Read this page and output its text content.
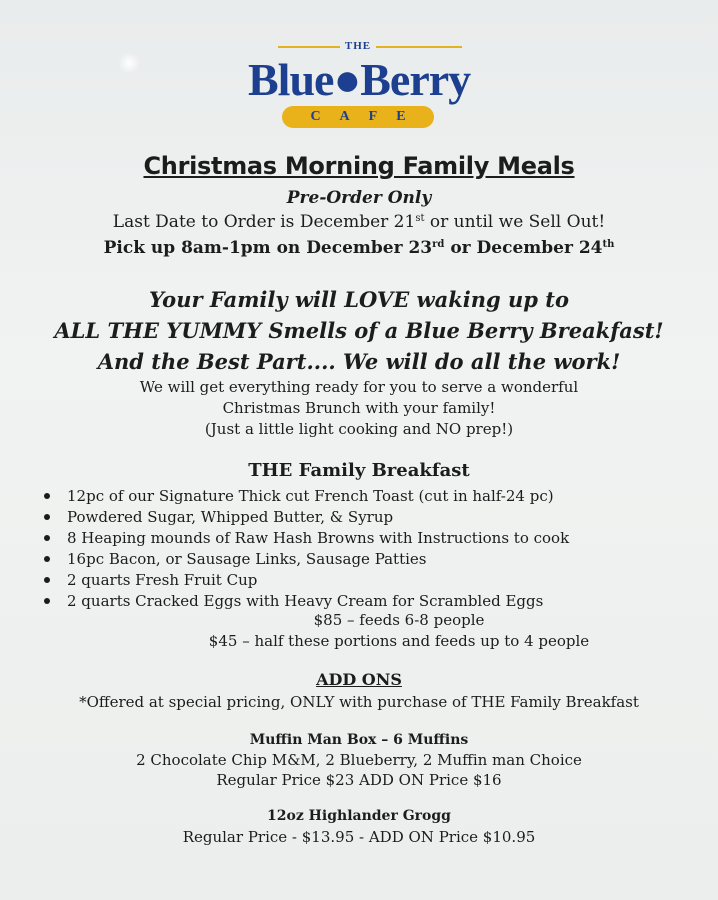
THE
Blue●Berry
CAFE
Christmas Morning Family Meals
Pre-Order Only
Last Date to Order is December 21st or until we Sell Out!
Pick up 8am-1pm on December 23rd or December 24th
Your Family will LOVE waking up to
ALL THE YUMMY Smells of a Blue Berry Breakfast!
And the Best Part.... We will do all the work!
We will get everything ready for you to serve a wonderful
Christmas Brunch with your family!
(Just a little light cooking and NO prep!)
THE Family Breakfast
12pc of our Signature Thick cut French Toast (cut in half-24 pc)
Powdered Sugar, Whipped Butter, & Syrup
8 Heaping mounds of Raw Hash Browns with Instructions to cook
16pc Bacon, or Sausage Links, Sausage Patties
2 quarts Fresh Fruit Cup
2 quarts Cracked Eggs with Heavy Cream for Scrambled Eggs
$85 – feeds 6-8 people
$45 – half these portions and feeds up to 4 people
ADD ONS
*Offered at special pricing, ONLY with purchase of THE Family Breakfast
Muffin Man Box – 6 Muffins
2 Chocolate Chip M&M, 2 Blueberry, 2 Muffin man Choice
Regular Price $23 ADD ON Price $16
12oz Highlander Grogg
Regular Price - $13.95 - ADD ON Price $10.95
